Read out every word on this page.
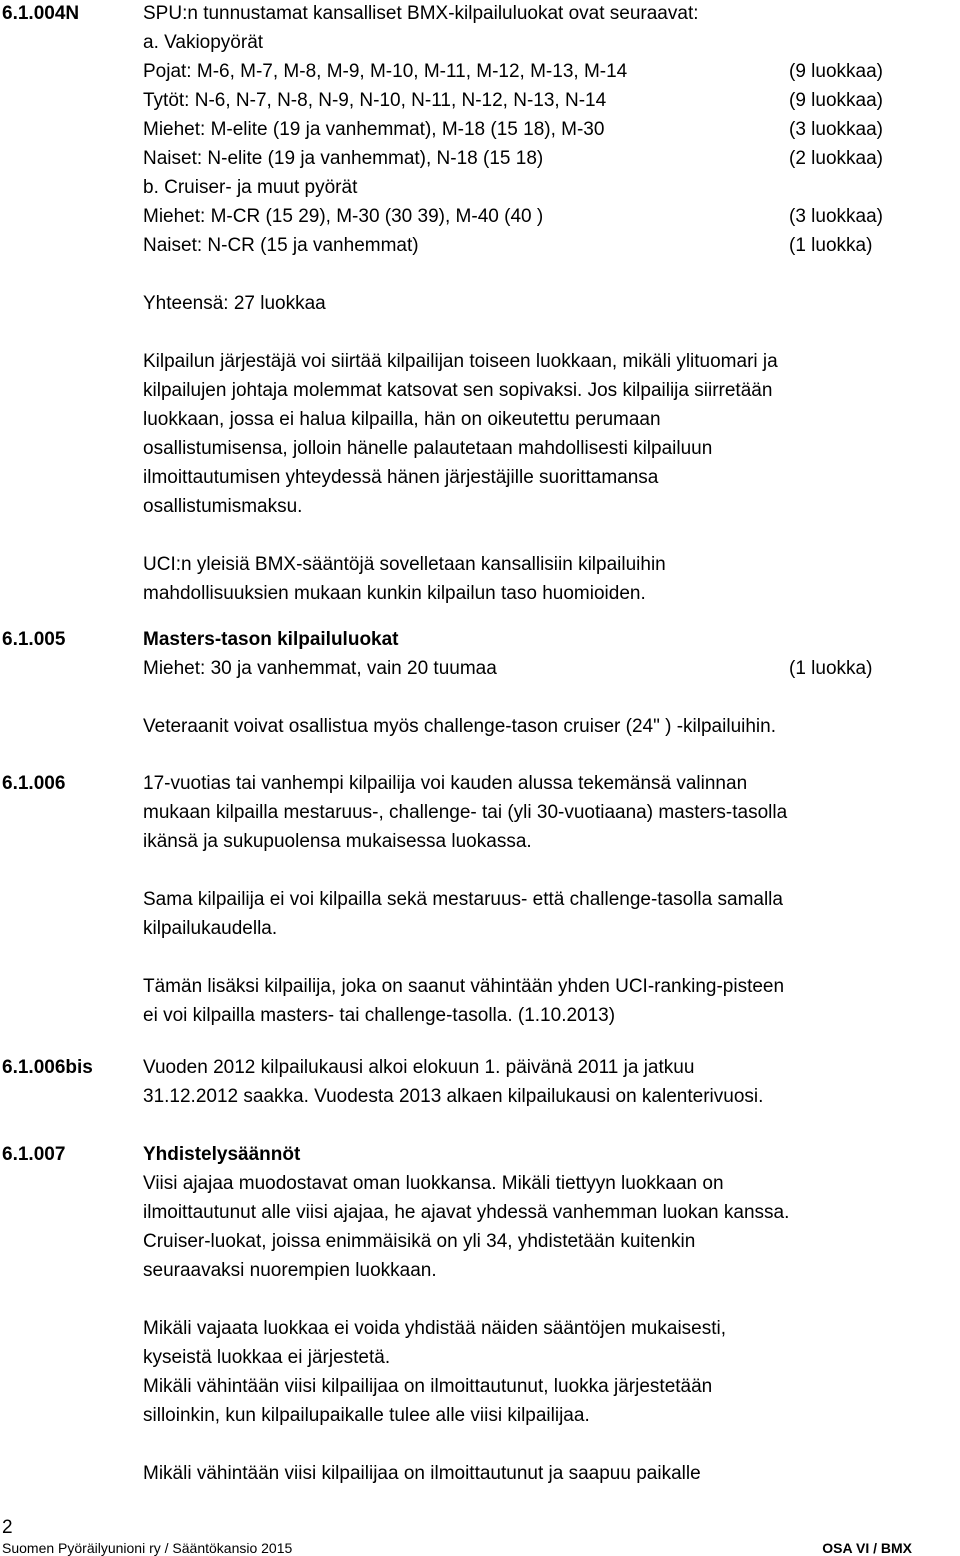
6.1.004N	SPU:n tunnustamat kansalliset BMX-kilpailuluokat ovat seuraavat:
a. Vakiopyörät
Pojat: M-6, M-7, M-8, M-9, M-10, M-11, M-12, M-13, M-14	(9 luokkaa)
Tytöt: N-6, N-7, N-8, N-9, N-10, N-11, N-12, N-13, N-14	(9 luokkaa)
Miehet: M-elite (19 ja vanhemmat), M-18 (15 18), M-30	(3 luokkaa)
Naiset: N-elite (19 ja vanhemmat), N-18 (15 18)	(2 luokkaa)
b. Cruiser- ja muut pyörät
Miehet: M-CR (15 29), M-30 (30 39), M-40 (40 )	(3 luokkaa)
Naiset: N-CR (15 ja vanhemmat)	(1 luokka)
Yhteensä: 27 luokkaa
Kilpailun järjestäjä voi siirtää kilpailijan toiseen luokkaan, mikäli ylituomari ja
kilpailujen johtaja molemmat katsovat sen sopivaksi. Jos kilpailija siirretään
luokkaan, jossa ei halua kilpailla, hän on oikeutettu perumaan
osallistumisensa, jolloin hänelle palautetaan mahdollisesti kilpailuun
ilmoittautumisen yhteydessä hänen järjestäjille suorittamansa
osallistumismaksu.
UCI:n yleisiä BMX-sääntöjä sovelletaan kansallisiin kilpailuihin
mahdollisuuksien mukaan kunkin kilpailun taso huomioiden.
6.1.005	Masters-tason kilpailuluokat
Miehet: 30 ja vanhemmat, vain 20 tuumaa	(1 luokka)
Veteraanit voivat osallistua myös challenge-tason cruiser (24" ) -kilpailuihin.
6.1.006	17-vuotias tai vanhempi kilpailija voi kauden alussa tekemänsä valinnan
mukaan kilpailla mestaruus-, challenge- tai (yli 30-vuotiaana) masters-tasolla
ikänsä ja sukupuolensa mukaisessa luokassa.
Sama kilpailija ei voi kilpailla sekä mestaruus- että challenge-tasolla samalla
kilpailukaudella.
Tämän lisäksi kilpailija, joka on saanut vähintään yhden UCI-ranking-pisteen
ei voi kilpailla masters- tai challenge-tasolla. (1.10.2013)
6.1.006bis	Vuoden 2012 kilpailukausi alkoi elokuun 1. päivänä 2011 ja jatkuu
31.12.2012 saakka. Vuodesta 2013 alkaen kilpailukausi on kalenterivuosi.
6.1.007	Yhdistelysäännöt
Viisi ajajaa muodostavat oman luokkansa. Mikäli tiettyyn luokkaan on
ilmoittautunut alle viisi ajajaa, he ajavat yhdessä vanhemman luokan kanssa.
Cruiser-luokat, joissa enimmäisikä on yli 34, yhdistetään kuitenkin
seuraavaksi nuorempien luokkaan.
Mikäli vajaata luokkaa ei voida yhdistää näiden sääntöjen mukaisesti,
kyseistä luokkaa ei järjestetä.
Mikäli vähintään viisi kilpailijaa on ilmoittautunut, luokka järjestetään
silloinkin, kun kilpailupaikalle tulee alle viisi kilpailijaa.
Mikäli vähintään viisi kilpailijaa on ilmoittautunut ja saapuu paikalle
2
Suomen Pyöräilyunioni ry / Sääntökansio 2015	OSA VI / BMX
